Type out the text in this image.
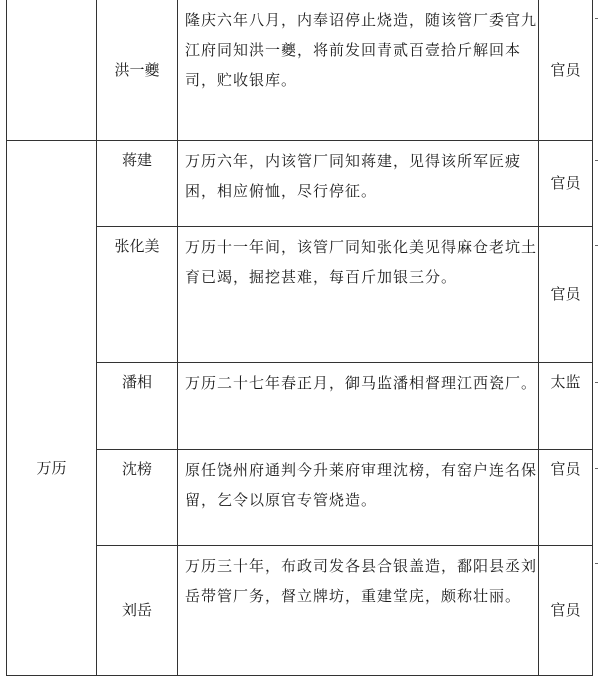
	洪一夔	隆庆六年八月，内奉诏停止烧造，随该管厂委官九江府同知洪一夔，将前发回青贰百壹拾斤解回本司，贮收银库。	官员
万历	蒋建	万历六年，内该管厂同知蒋建，见得该所军匠疲困，相应俯恤，尽行停征。	官员
	张化美	万历十一年间，该管厂同知张化美见得麻仓老坑土育已竭，掘挖甚难，每百斤加银三分。	官员
	潘相	万历二十七年春正月，御马监潘相督理江西瓷厂。	太监
	沈榜	原任饶州府通判今升莱府审理沈榜，有窑户连名保留，乞令以原官专管烧造。	官员
	刘岳	万历三十年，布政司发各县合银盖造，鄱阳县丞刘岳带管厂务，督立牌坊，重建堂庑，颇称壮丽。	官员
